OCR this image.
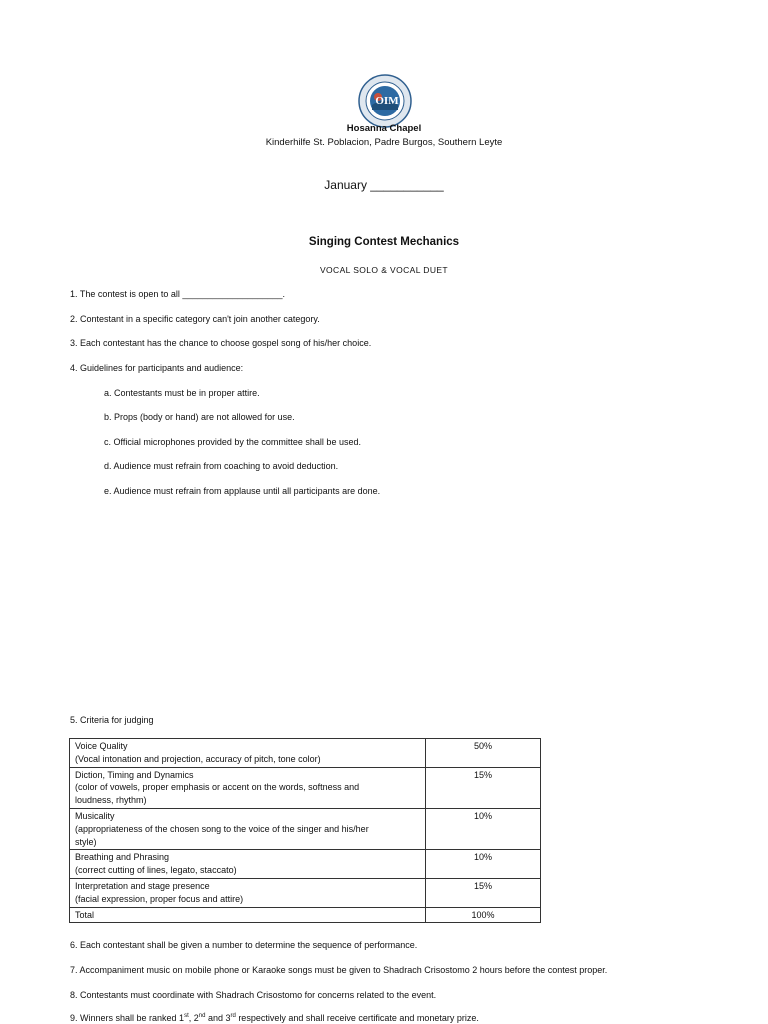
OIM
Hosanna Chapel
Kinderhilfe St. Poblacion, Padre Burgos, Southern Leyte
January ___________
Singing Contest Mechanics
VOCAL SOLO & VOCAL DUET
1. The contest is open to all ____________________.
2. Contestant in a specific category can't join another category.
3. Each contestant has the chance to choose gospel song of his/her choice.
4. Guidelines for participants and audience:
a. Contestants must be in proper attire.
b. Props (body or hand) are not allowed for use.
c. Official microphones provided by the committee shall be used.
d. Audience must refrain from coaching to avoid deduction.
e. Audience must refrain from applause until all participants are done.
5. Criteria for judging
Voice Quality
(Vocal intonation and projection, accuracy of pitch, tone color)	50%

Diction, Timing and Dynamics
(color of vowels, proper emphasis or accent on the words, softness and
loudness, rhythm)	15%

Musicality
(appropriateness of the chosen song to the voice of the singer and his/her
style)	10%

Breathing and Phrasing
(correct cutting of lines, legato, staccato)	10%

Interpretation and stage presence
(facial expression, proper focus and attire)	15%
Total	100%
6. Each contestant shall be given a number to determine the sequence of performance.
7. Accompaniment music on mobile phone or Karaoke songs must be given to Shadrach Crisostomo 2 hours before the contest proper.
8. Contestants must coordinate with Shadrach Crisostomo for concerns related to the event.
9. Winners shall be ranked 1st, 2nd and 3rd respectively and shall receive certificate and monetary prize.
